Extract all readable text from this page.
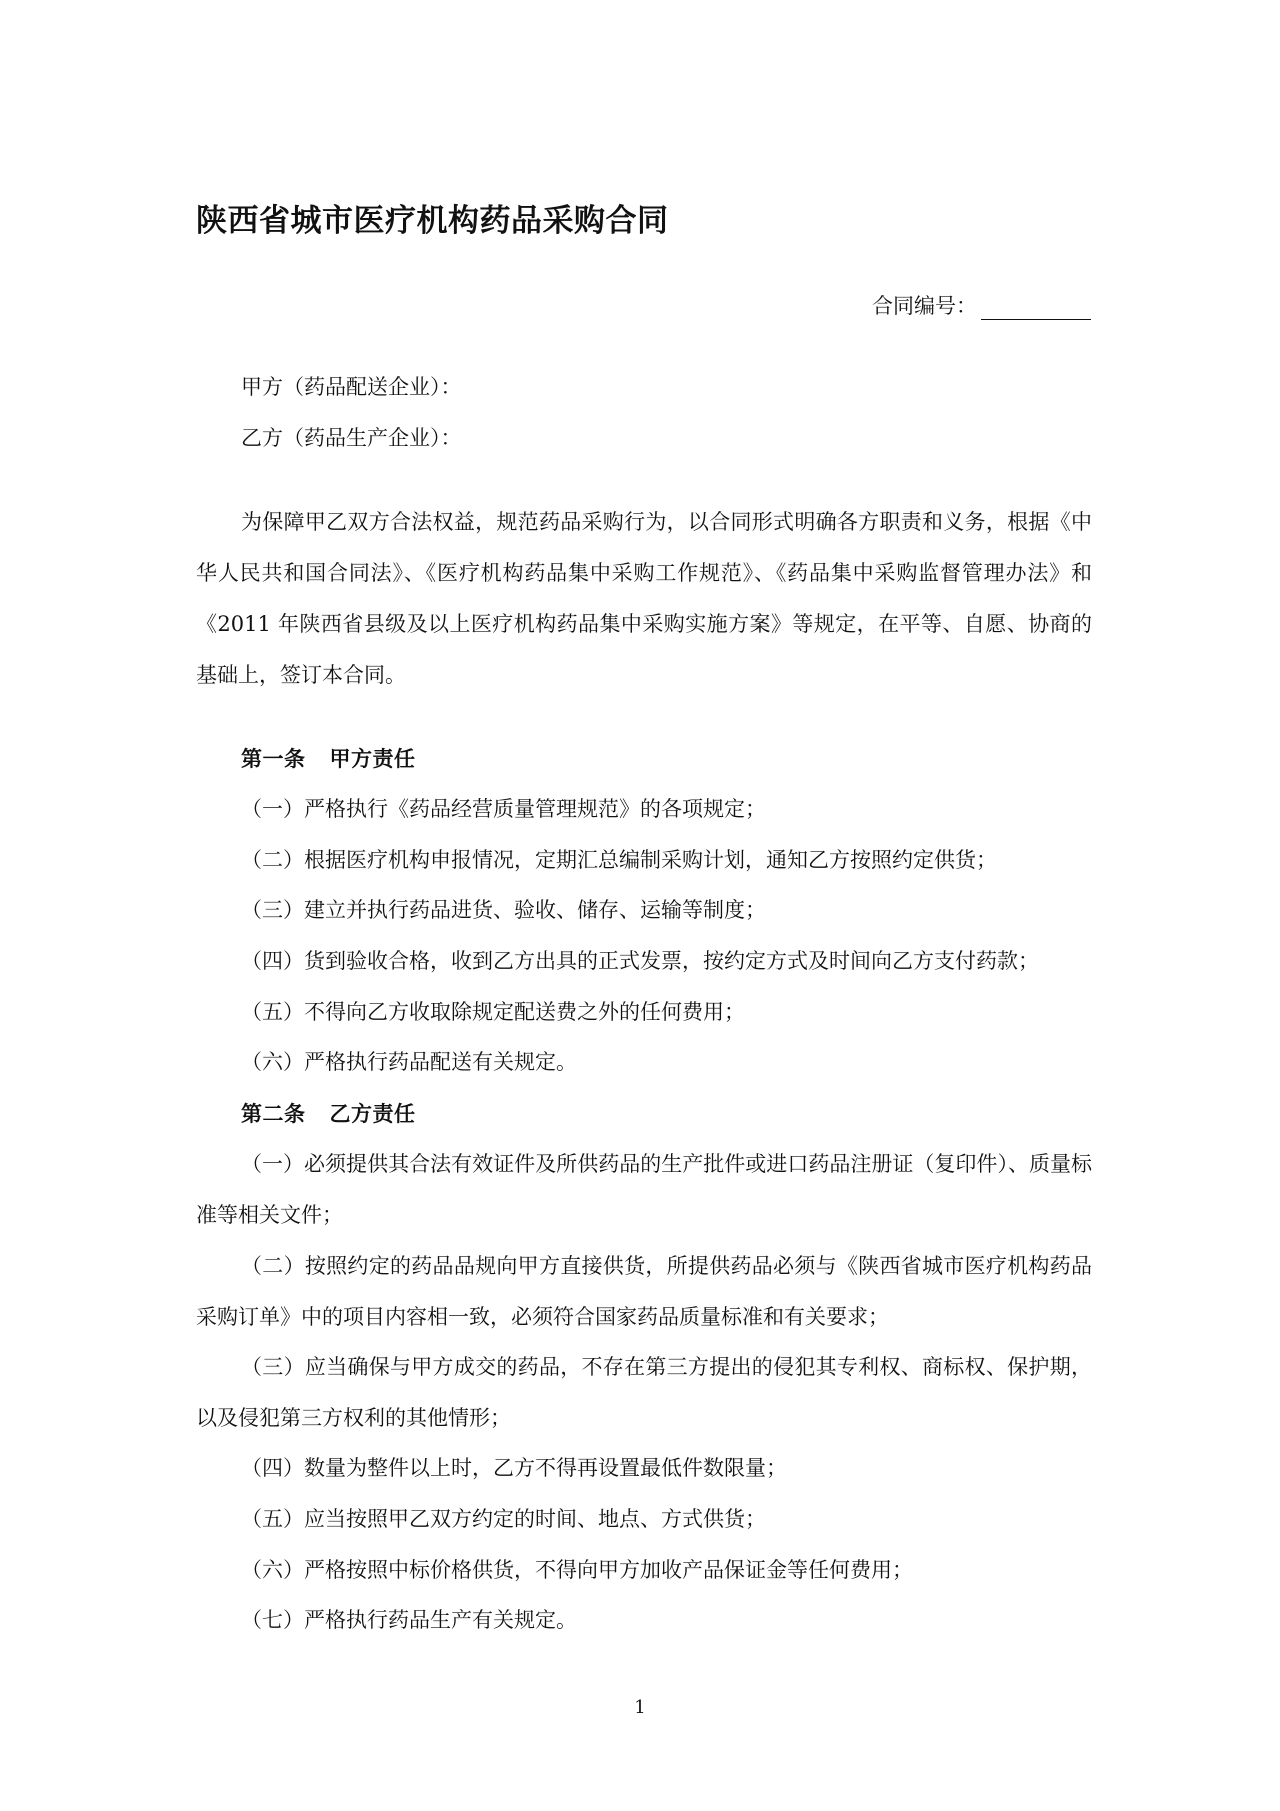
陕西省城市医疗机构药品采购合同
合同编号：
甲方（药品配送企业）：
乙方（药品生产企业）：

为保障甲乙双方合法权益，规范药品采购行为，以合同形式明确各方职责和义务，根据《中华人民共和国合同法》、《医疗机构药品集中采购工作规范》、《药品集中采购监督管理办法》和《2011 年陕西省县级及以上医疗机构药品集中采购实施方案》等规定，在平等、自愿、协商的基础上，签订本合同。

第一条 甲方责任
（一）严格执行《药品经营质量管理规范》的各项规定；
（二）根据医疗机构申报情况，定期汇总编制采购计划，通知乙方按照约定供货；
（三）建立并执行药品进货、验收、储存、运输等制度；
（四）货到验收合格，收到乙方出具的正式发票，按约定方式及时间向乙方支付药款；
（五）不得向乙方收取除规定配送费之外的任何费用；
（六）严格执行药品配送有关规定。
第二条 乙方责任

（一）必须提供其合法有效证件及所供药品的生产批件或进口药品注册证（复印件）、质量标准等相关文件；

（二）按照约定的药品品规向甲方直接供货，所提供药品必须与《陕西省城市医疗机构药品采购订单》中的项目内容相一致，必须符合国家药品质量标准和有关要求；

（三）应当确保与甲方成交的药品，不存在第三方提出的侵犯其专利权、商标权、保护期，以及侵犯第三方权利的其他情形；

（四）数量为整件以上时，乙方不得再设置最低件数限量；
（五）应当按照甲乙双方约定的时间、地点、方式供货；
（六）严格按照中标价格供货，不得向甲方加收产品保证金等任何费用；
（七）严格执行药品生产有关规定。
1
